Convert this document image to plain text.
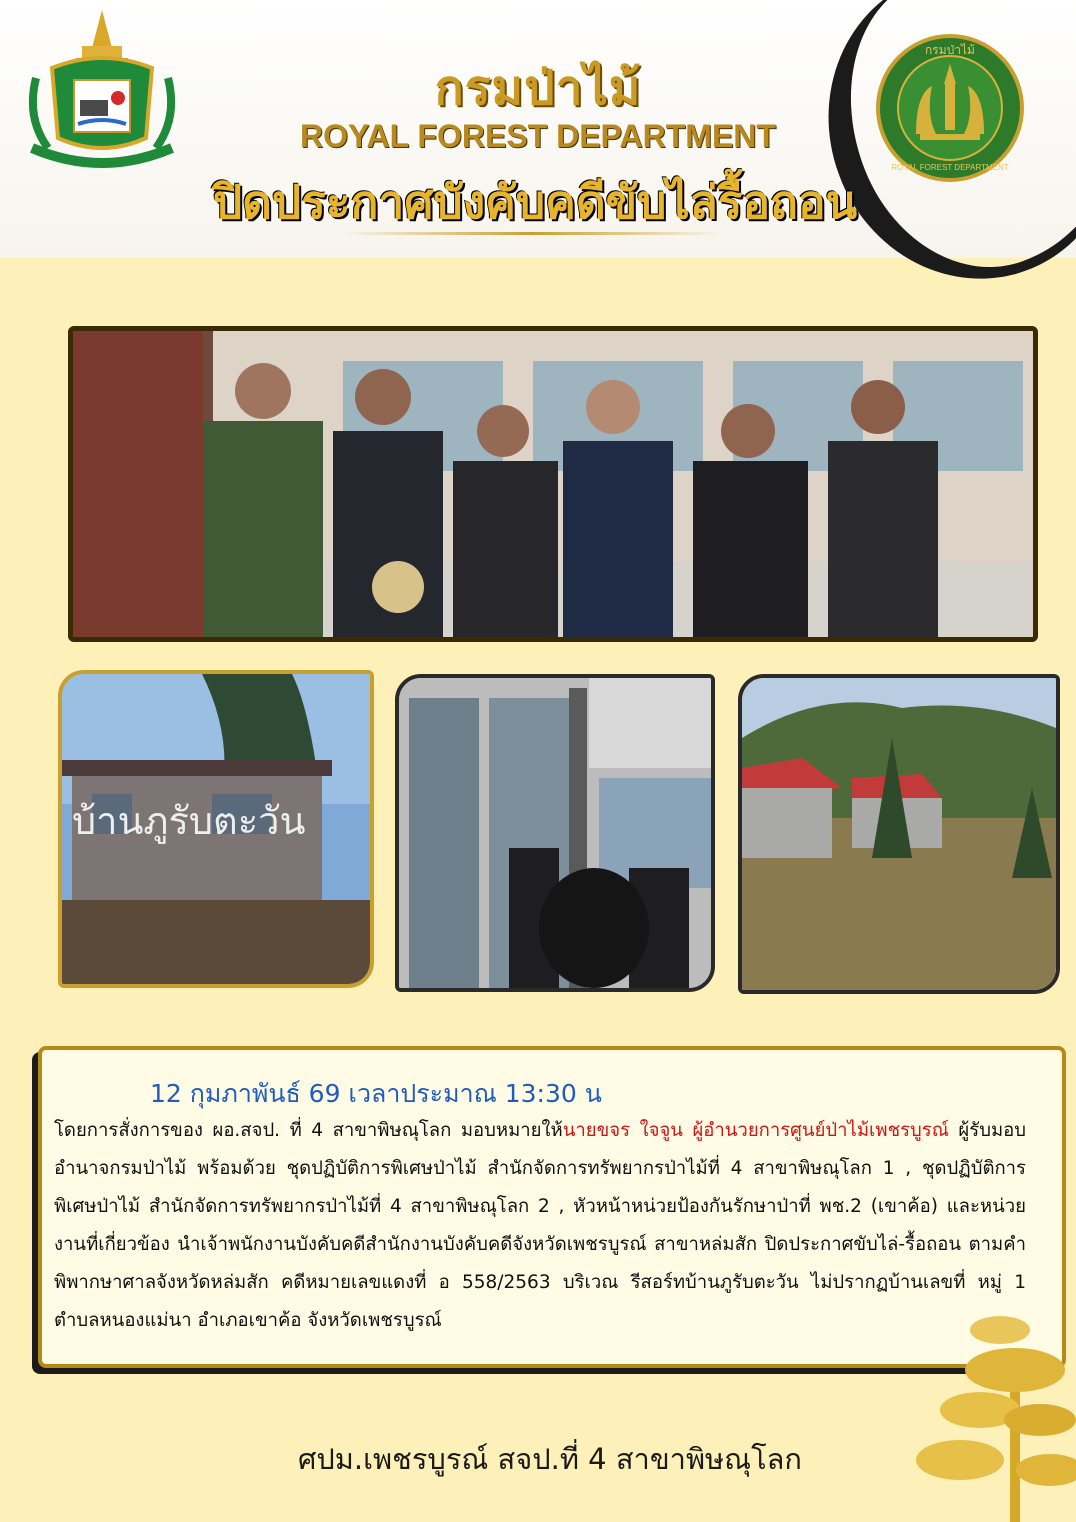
กรมป่าไม้
ROYAL FOREST DEPARTMENT
กรมป่าไม้
ROYAL FOREST DEPARTMENT
ปิดประกาศบังคับคดีขับไล่รื้อถอน
บ้านภูรับตะวัน
12 กุมภาพันธ์ 69 เวลาประมาณ 13:30 น
โดยการสั่งการของ ผอ.สจป. ที่ 4 สาขาพิษณุโลก มอบหมายให้นายขจร ใจจูน ผู้อำนวยการศูนย์ป่าไม้เพชรบูรณ์ ผู้รับมอบอำนาจกรมป่าไม้ พร้อมด้วย ชุดปฏิบัติการพิเศษป่าไม้ สำนักจัดการทรัพยากรป่าไม้ที่ 4 สาขาพิษณุโลก 1 , ชุดปฏิบัติการพิเศษป่าไม้ สำนักจัดการทรัพยากรป่าไม้ที่ 4 สาขาพิษณุโลก 2 , หัวหน้าหน่วยป้องกันรักษาป่าที่ พช.2 (เขาค้อ) และหน่วยงานที่เกี่ยวข้อง นำเจ้าพนักงานบังคับคดีสำนักงานบังคับคดีจังหวัดเพชรบูรณ์ สาขาหล่มสัก ปิดประกาศขับไล่-รื้อถอน ตามคำพิพากษาศาลจังหวัดหล่มสัก คดีหมายเลขแดงที่ อ 558/2563 บริเวณ รีสอร์ทบ้านภูรับตะวัน ไม่ปรากฏบ้านเลขที่ หมู่ 1 ตำบลหนองแม่นา อำเภอเขาค้อ จังหวัดเพชรบูรณ์
ศปม.เพชรบูรณ์ สจป.ที่ 4 สาขาพิษณุโลก
